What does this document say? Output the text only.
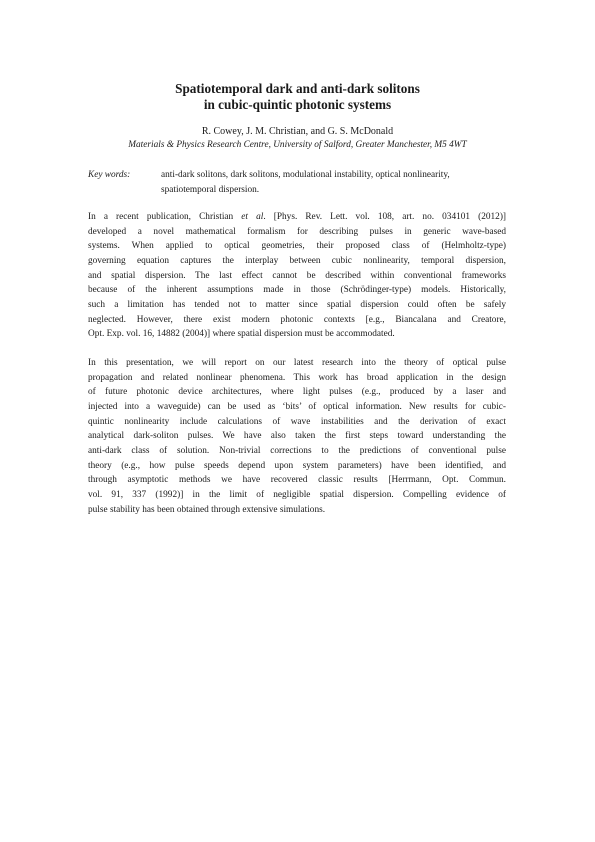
Spatiotemporal dark and anti-dark solitons
in cubic-quintic photonic systems
R. Cowey, J. M. Christian, and G. S. McDonald
Materials & Physics Research Centre, University of Salford, Greater Manchester, M5 4WT
Key words:	anti-dark solitons, dark solitons, modulational instability, optical nonlinearity,
spatiotemporal dispersion.
In a recent publication, Christian et al. [Phys. Rev. Lett. vol. 108, art. no. 034101 (2012)]
developed a novel mathematical formalism for describing pulses in generic wave-based
systems. When applied to optical geometries, their proposed class of (Helmholtz-type)
governing equation captures the interplay between cubic nonlinearity, temporal dispersion,
and spatial dispersion. The last effect cannot be described within conventional frameworks
because of the inherent assumptions made in those (Schrödinger-type) models. Historically,
such a limitation has tended not to matter since spatial dispersion could often be safely
neglected. However, there exist modern photonic contexts [e.g., Biancalana and Creatore,
Opt. Exp. vol. 16, 14882 (2004)] where spatial dispersion must be accommodated.
In this presentation, we will report on our latest research into the theory of optical pulse
propagation and related nonlinear phenomena. This work has broad application in the design
of future photonic device architectures, where light pulses (e.g., produced by a laser and
injected into a waveguide) can be used as ‘bits’ of optical information. New results for cubic-
quintic nonlinearity include calculations of wave instabilities and the derivation of exact
analytical dark-soliton pulses. We have also taken the first steps toward understanding the
anti-dark class of solution. Non-trivial corrections to the predictions of conventional pulse
theory (e.g., how pulse speeds depend upon system parameters) have been identified, and
through asymptotic methods we have recovered classic results [Herrmann, Opt. Commun.
vol. 91, 337 (1992)] in the limit of negligible spatial dispersion. Compelling evidence of
pulse stability has been obtained through extensive simulations.
